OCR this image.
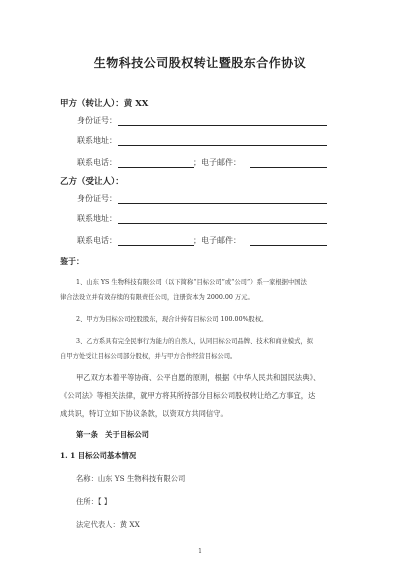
生物科技公司股权转让暨股东合作协议
甲方（转让人）：黄 XX
身份证号：
联系地址：
联系电话：	；电子邮件：
乙方（受让人）：
身份证号：
联系地址：
联系电话：	；电子邮件：
鉴于：
1、山东 YS 生物科技有限公司（以下简称“目标公司”或“公司”）系一家根据中国法
律合法设立并有效存续的有限责任公司，注册资本为 2000.00 万元。
2、甲方为目标公司控股股东，现合计持有目标公司 100.00%股权。
3、乙方系具有完全民事行为能力的自然人，认同目标公司品牌、技术和商业模式，拟
自甲方处受让目标公司部分股权，并与甲方合作经营目标公司。
甲乙双方本着平等协商、公平自愿的原则，根据《中华人民共和国民法典》、
《公司法》等相关法律，就甲方将其所持部分目标公司股权转让给乙方事宜，达
成共识，特订立如下协议条款，以资双方共同信守。
第一条　关于目标公司
1. 1 目标公司基本情况
名称：山东 YS 生物科技有限公司
住所：【 】
法定代表人：黄 XX
1
